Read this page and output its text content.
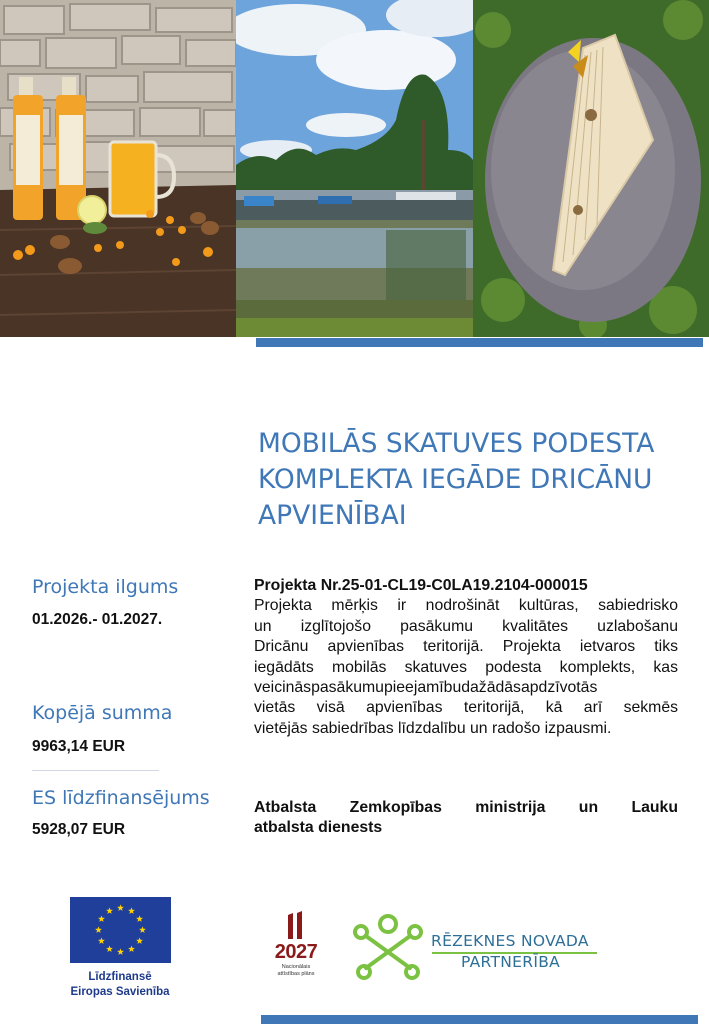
MOBILĀS SKATUVES PODESTA
KOMPLEKTA IEGĀDE DRICĀNU
APVIENĪBAI
Projekta ilgums
01.2026.- 01.2027.
Kopējā summa
9963,14 EUR
ES līdzfinansējums
5928,07 EUR
Projekta Nr.25-01-CL19-C0LA19.2104-000015
Projekta mērķis ir nodrošināt kultūras, sabiedrisko
un izglītojošo pasākumu kvalitātes uzlabošanu
Dricānu apvienības teritorijā. Projekta ietvaros tiks
iegādāts mobilās skatuves podesta komplekts, kas
veicināspasākumupieejamībudažādāsapdzīvotās
vietās visā apvienības teritorijā, kā arī sekmēs
vietējās sabiedrības līdzdalību un radošo izpausmi.
Atbalsta Zemkopības ministrija un Lauku
atbalsta dienests
Līdzfinansē
Eiropas Savienība
2027
Nacionālais
attīstības plāns
RĒZEKNES NOVADA
PARTNERĪBA
